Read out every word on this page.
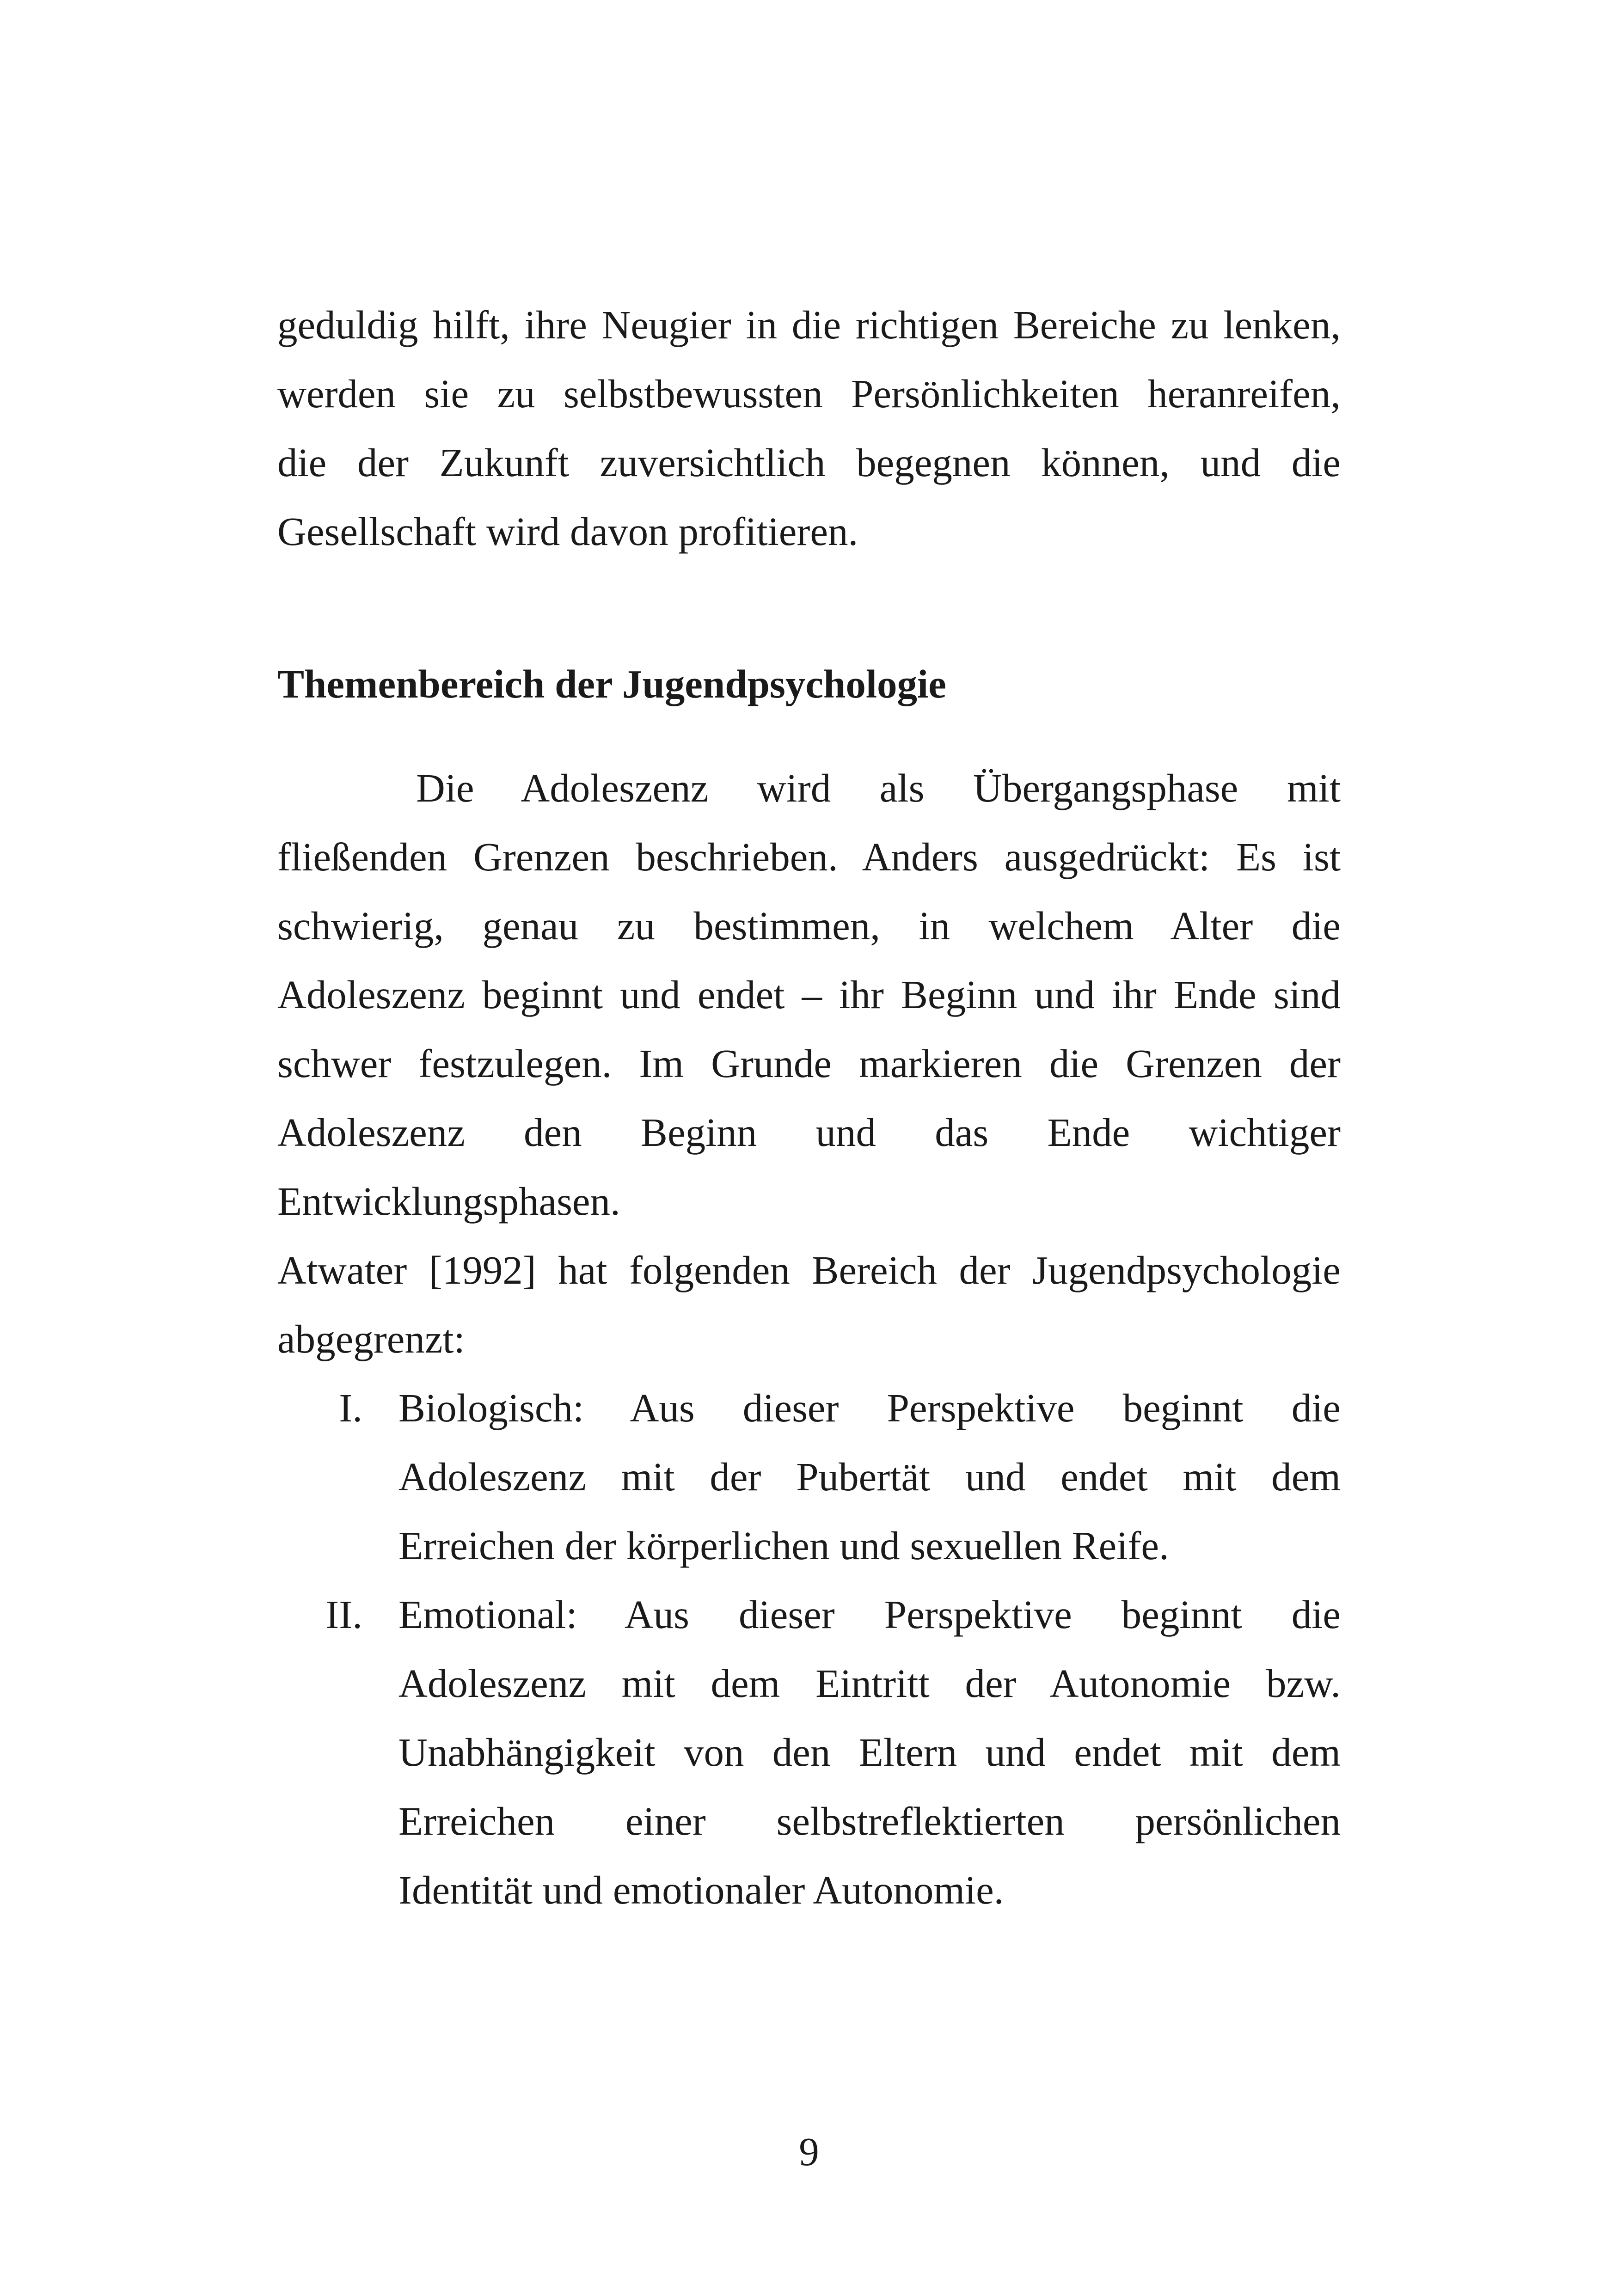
geduldig hilft, ihre Neugier in die richtigen Bereiche zu lenken,
werden sie zu selbstbewussten Persönlichkeiten heranreifen,
die der Zukunft zuversichtlich begegnen können, und die
Gesellschaft wird davon profitieren.
Themenbereich der Jugendpsychologie
Die Adoleszenz wird als Übergangsphase mit
fließenden Grenzen beschrieben. Anders ausgedrückt: Es ist
schwierig, genau zu bestimmen, in welchem Alter die
Adoleszenz beginnt und endet – ihr Beginn und ihr Ende sind
schwer festzulegen. Im Grunde markieren die Grenzen der
Adoleszenz den Beginn und das Ende wichtiger
Entwicklungsphasen.
Atwater [1992] hat folgenden Bereich der Jugendpsychologie
abgegrenzt:
I. Biologisch: Aus dieser Perspektive beginnt die
Adoleszenz mit der Pubertät und endet mit dem
Erreichen der körperlichen und sexuellen Reife.
II. Emotional: Aus dieser Perspektive beginnt die
Adoleszenz mit dem Eintritt der Autonomie bzw.
Unabhängigkeit von den Eltern und endet mit dem
Erreichen einer selbstreflektierten persönlichen
Identität und emotionaler Autonomie.
9
